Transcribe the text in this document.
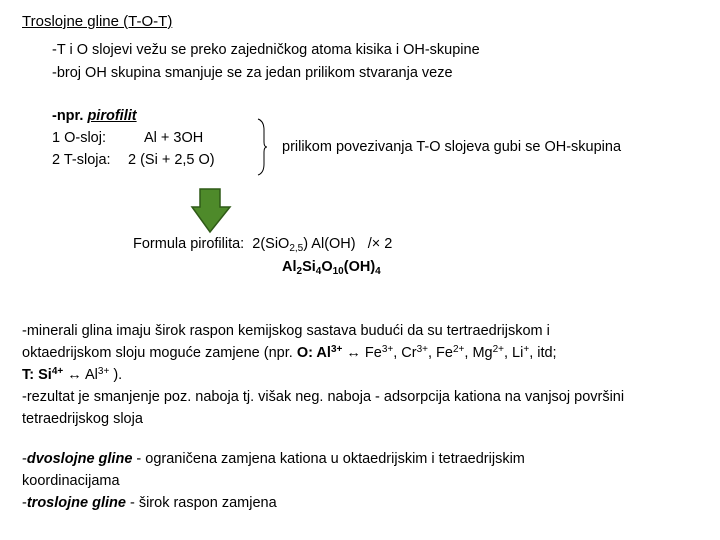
Troslojne gline (T-O-T)
-T i O slojevi vežu se preko zajedničkog atoma kisika i OH-skupine
-broj OH skupina smanjuje se za jedan prilikom stvaranja veze
-npr. pirofilit
1 O-sloj:	Al + 3OH
2 T-sloja: 2 (Si + 2,5 O)
prilikom povezivanja T-O slojeva gubi se OH-skupina
Formula pirofilita: 2(SiO$_{2,5}$) Al(OH) /× 2
$Al_2Si_4O_{10}(OH)_4$
-minerali glina imaju širok raspon kemijskog sastava budući da su tertraedrijskom i
oktaedrijskom sloju moguće zamjene (npr. O: $Al^{3+}$ ↔ $Fe^{3+}$, $Cr^{3+}$, $Fe^{2+}$, $Mg^{2+}$, Li+, itd;
T: $Si^{4+}$ ↔ $Al^{3+}$ ).
-rezultat je smanjenje poz. naboja tj. višak neg. naboja - adsorpcija kationa na vanjsoj površini
tetraedrijskog sloja
-dvoslojne gline - ograničena zamjena kationa u oktaedrijskim i tetraedrijskim
koordinacijama
-troslojne gline - širok raspon zamjena
